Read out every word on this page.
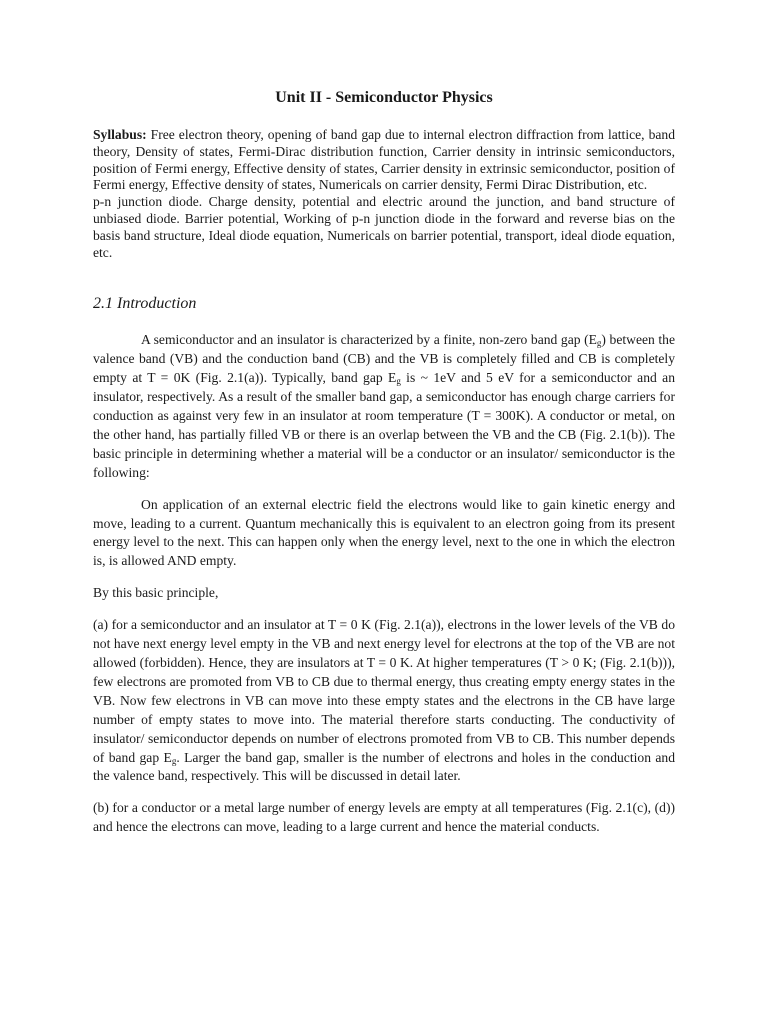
Unit II - Semiconductor Physics

Syllabus: Free electron theory, opening of band gap due to internal electron diffraction from lattice, band theory, Density of states, Fermi-Dirac distribution function, Carrier density in intrinsic semiconductors, position of Fermi energy, Effective density of states, Carrier density in extrinsic semiconductor, position of Fermi energy, Effective density of states, Numericals on carrier density, Fermi Dirac Distribution, etc.

p-n junction diode. Charge density, potential and electric around the junction, and band structure of unbiased diode. Barrier potential, Working of p-n junction diode in the forward and reverse bias on the basis band structure, Ideal diode equation, Numericals on barrier potential, transport, ideal diode equation, etc.

2.1 Introduction

A semiconductor and an insulator is characterized by a finite, non-zero band gap $(E_g)$ between the valence band (VB) and the conduction band (CB) and the VB is completely filled and CB is completely empty at T = 0K (Fig. 2.1(a)). Typically, band gap $E_g$ is ~ 1eV and 5 eV for a semiconductor and an insulator, respectively. As a result of the smaller band gap, a semiconductor has enough charge carriers for conduction as against very few in an insulator at room temperature (T = 300K). A conductor or metal, on the other hand, has partially filled VB or there is an overlap between the VB and the CB (Fig. 2.1(b)). The basic principle in determining whether a material will be a conductor or an insulator/ semiconductor is the following:

On application of an external electric field the electrons would like to gain kinetic energy and move, leading to a current. Quantum mechanically this is equivalent to an electron going from its present energy level to the next. This can happen only when the energy level, next to the one in which the electron is, is allowed AND empty.

By this basic principle,

(a) for a semiconductor and an insulator at T = 0 K (Fig. 2.1(a)), electrons in the lower levels of the VB do not have next energy level empty in the VB and next energy level for electrons at the top of the VB are not allowed (forbidden). Hence, they are insulators at T = 0 K. At higher temperatures (T > 0 K; (Fig. 2.1(b))), few electrons are promoted from VB to CB due to thermal energy, thus creating empty energy states in the VB. Now few electrons in VB can move into these empty states and the electrons in the CB have large number of empty states to move into. The material therefore starts conducting. The conductivity of insulator/ semiconductor depends on number of electrons promoted from VB to CB. This number depends of band gap $E_g$. Larger the band gap, smaller is the number of electrons and holes in the conduction and the valence band, respectively. This will be discussed in detail later.

(b) for a conductor or a metal large number of energy levels are empty at all temperatures (Fig. 2.1(c), (d)) and hence the electrons can move, leading to a large current and hence the material conducts.
